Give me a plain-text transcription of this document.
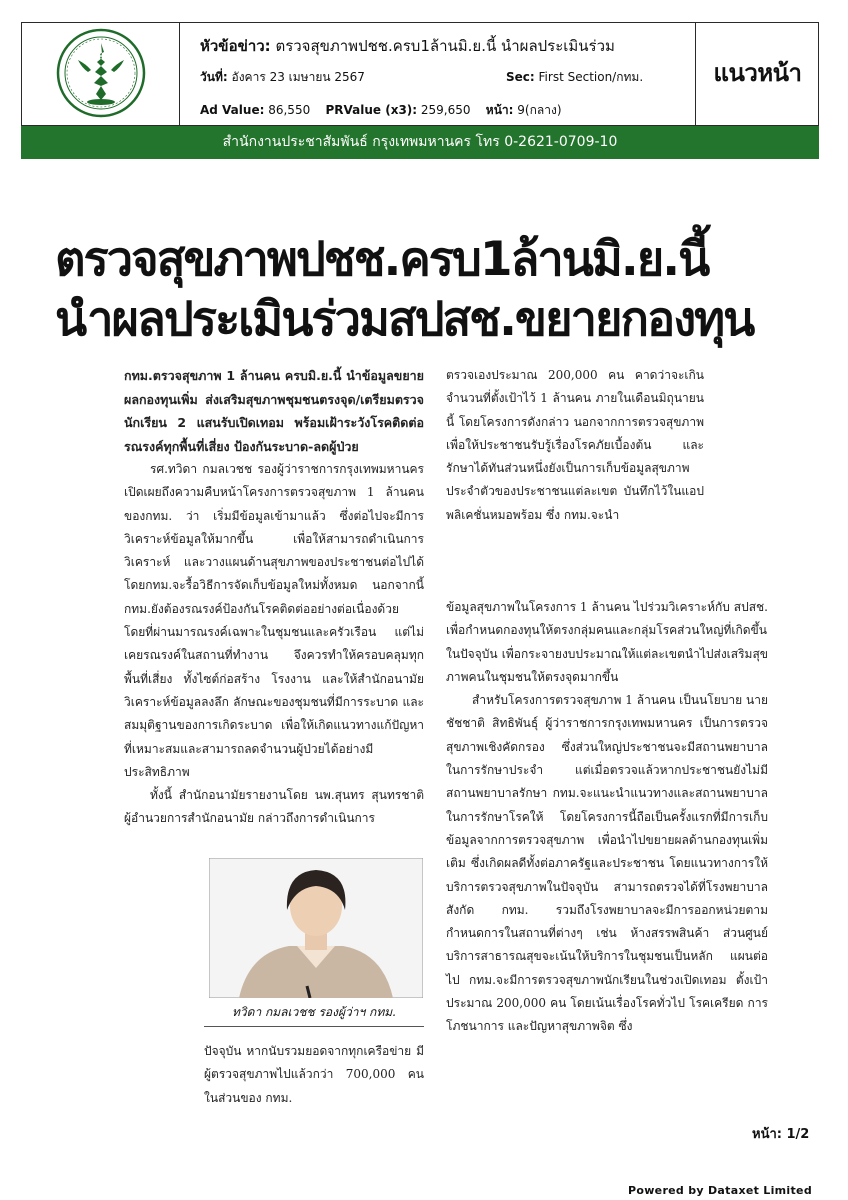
หัวข้อข่าว: ตรวจสุขภาพปชช.ครบ1ล้านมิ.ย.นี้ นำผลประเมินร่วม
วันที่: อังคาร 23 เมษายน 2567	Sec: First Section/กทม.
Ad Value: 86,550 PRValue (x3): 259,650 หน้า: 9(กลาง)
แนวหน้า
สำนักงานประชาสัมพันธ์ กรุงเทพมหานคร โทร 0-2621-0709-10
ตรวจสุขภาพปชช.ครบ1ล้านมิ.ย.นี้
นำผลประเมินร่วมสปสช.ขยายกองทุน

กทม.ตรวจสุขภาพ 1 ล้านคน ครบมิ.ย.นี้ นำข้อมูลขยายผลกองทุนเพิ่ม ส่งเสริมสุขภาพชุมชนตรงจุด/เตรียมตรวจนักเรียน 2 แสนรับเปิดเทอม พร้อมเฝ้าระวังโรคติดต่อ รณรงค์ทุกพื้นที่เสี่ยง ป้องกันระบาด-ลดผู้ป่วย

รศ.ทวิดา กมลเวชช รองผู้ว่าราชการกรุงเทพมหานคร เปิดเผยถึงความคืบหน้าโครงการตรวจสุขภาพ 1 ล้านคนของกทม. ว่า เริ่มมีข้อมูลเข้ามาแล้ว ซึ่งต่อไปจะมีการวิเคราะห์ข้อมูลให้มากขึ้น เพื่อให้สามารถดำเนินการวิเคราะห์ และวางแผนด้านสุขภาพของประชาชนต่อไปได้ โดยกทม.จะรื้อวิธีการจัดเก็บข้อมูลใหม่ทั้งหมด นอกจากนี้ กทม.ยังต้องรณรงค์ป้องกันโรคติดต่ออย่างต่อเนื่องด้วย โดยที่ผ่านมารณรงค์เฉพาะในชุมชนและครัวเรือน แต่ไม่เคยรณรงค์ในสถานที่ทำงาน จึงควรทำให้ครอบคลุมทุกพื้นที่เสี่ยง ทั้งไซต์ก่อสร้าง โรงงาน และให้สำนักอนามัยวิเคราะห์ข้อมูลลงลึก ลักษณะของชุมชนที่มีการระบาด และสมมุติฐานของการเกิดระบาด เพื่อให้เกิดแนวทางแก้ปัญหาที่เหมาะสมและสามารถลดจำนวนผู้ป่วยได้อย่างมีประสิทธิภาพ

ทั้งนี้ สำนักอนามัยรายงานโดย นพ.สุนทร สุนทรชาติ ผู้อำนวยการสำนักอนามัย กล่าวถึงการดำเนินการ

ตรวจเองประมาณ 200,000 คน คาดว่าจะเกินจำนวนที่ตั้งเป้าไว้ 1 ล้านคน ภายในเดือนมิถุนายนนี้ โดยโครงการดังกล่าว นอกจากการตรวจสุขภาพเพื่อให้ประชาชนรับรู้เรื่องโรคภัยเบื้องต้น และรักษาได้ทันส่วนหนึ่งยังเป็นการเก็บข้อมูลสุขภาพประจำตัวของประชาชนแต่ละเขต บันทึกไว้ในแอปพลิเคชั่นหมอพร้อม ซึ่ง กทม.จะนำ

ข้อมูลสุขภาพในโครงการ 1 ล้านคน ไปร่วมวิเคราะห์กับ สปสช. เพื่อกำหนดกองทุนให้ตรงกลุ่มคนและกลุ่มโรคส่วนใหญ่ที่เกิดขึ้นในปัจจุบัน เพื่อกระจายงบประมาณให้แต่ละเขตนำไปส่งเสริมสุขภาพคนในชุมชนให้ตรงจุดมากขึ้น

สำหรับโครงการตรวจสุขภาพ 1 ล้านคน เป็นนโยบาย นายชัชชาติ สิทธิพันธุ์ ผู้ว่าราชการกรุงเทพมหานคร เป็นการตรวจสุขภาพเชิงคัดกรอง ซึ่งส่วนใหญ่ประชาชนจะมีสถานพยาบาลในการรักษาประจำ แต่เมื่อตรวจแล้วหากประชาชนยังไม่มีสถานพยาบาลรักษา กทม.จะแนะนำแนวทางและสถานพยาบาลในการรักษาโรคให้ โดยโครงการนี้ถือเป็นครั้งแรกที่มีการเก็บข้อมูลจากการตรวจสุขภาพ เพื่อนำไปขยายผลด้านกองทุนเพิ่มเติม ซึ่งเกิดผลดีทั้งต่อภาครัฐและประชาชน โดยแนวทางการให้บริการตรวจสุขภาพในปัจจุบัน สามารถตรวจได้ที่โรงพยาบาลสังกัด กทม. รวมถึงโรงพยาบาลจะมีการออกหน่วยตามกำหนดการในสถานที่ต่างๆ เช่น ห้างสรรพสินค้า ส่วนศูนย์บริการสาธารณสุขจะเน้นให้บริการในชุมชนเป็นหลัก แผนต่อไป กทม.จะมีการตรวจสุขภาพนักเรียนในช่วงเปิดเทอม ตั้งเป้าประมาณ 200,000 คน โดยเน้นเรื่องโรคทั่วไป โรคเครียด การโภชนาการ และปัญหาสุขภาพจิต ซึ่ง

ทวิดา กมลเวชช รองผู้ว่าฯ กทม.

ปัจจุบัน หากนับรวมยอดจากทุกเครือข่าย มีผู้ตรวจสุขภาพไปแล้วกว่า 700,000 คน ในส่วนของ กทม.

หน้า: 1/2
Powered by Dataxet Limited
